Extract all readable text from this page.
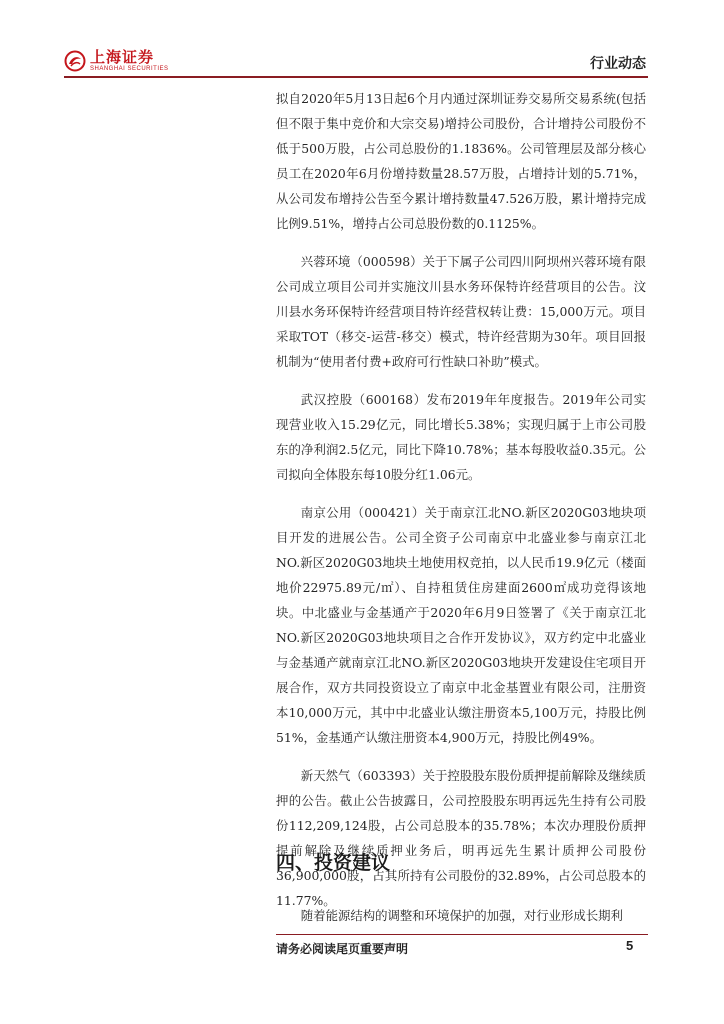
上海证券
SHANGHAI SECURITIES	行业动态

拟自2020年5月13日起6个月内通过深圳证券交易所交易系统(包括但不限于集中竞价和大宗交易)增持公司股份，合计增持公司股份不低于500万股，占公司总股份的1.1836%。公司管理层及部分核心员工在2020年6月份增持数量28.57万股，占增持计划的5.71%，从公司发布增持公告至今累计增持数量47.526万股，累计增持完成比例9.51%，增持占公司总股份数的0.1125%。

兴蓉环境（000598）关于下属子公司四川阿坝州兴蓉环境有限公司成立项目公司并实施汶川县水务环保特许经营项目的公告。汶川县水务环保特许经营项目特许经营权转让费：15,000万元。项目采取TOT（移交-运营-移交）模式，特许经营期为30年。项目回报机制为“使用者付费+政府可行性缺口补助”模式。

武汉控股（600168）发布2019年年度报告。2019年公司实现营业收入15.29亿元，同比增长5.38%；实现归属于上市公司股东的净利润2.5亿元，同比下降10.78%；基本每股收益0.35元。公司拟向全体股东每10股分红1.06元。

南京公用（000421）关于南京江北NO.新区2020G03地块项目开发的进展公告。公司全资子公司南京中北盛业参与南京江北NO.新区2020G03地块土地使用权竞拍，以人民币19.9亿元（楼面地价22975.89元/㎡）、自持租赁住房建面2600㎡成功竞得该地块。中北盛业与金基通产于2020年6月9日签署了《关于南京江北NO.新区2020G03地块项目之合作开发协议》，双方约定中北盛业与金基通产就南京江北NO.新区2020G03地块开发建设住宅项目开展合作，双方共同投资设立了南京中北金基置业有限公司，注册资本10,000万元，其中中北盛业认缴注册资本5,100万元，持股比例51%，金基通产认缴注册资本4,900万元，持股比例49%。

新天然气（603393）关于控股股东股份质押提前解除及继续质押的公告。截止公告披露日，公司控股股东明再远先生持有公司股份112,209,124股，占公司总股本的35.78%；本次办理股份质押提前解除及继续质押业务后，明再远先生累计质押公司股份36,900,000股，占其所持有公司股份的32.89%，占公司总股本的11.77%。

四、投资建议

随着能源结构的调整和环境保护的加强，对行业形成长期利

请务必阅读尾页重要声明	5
